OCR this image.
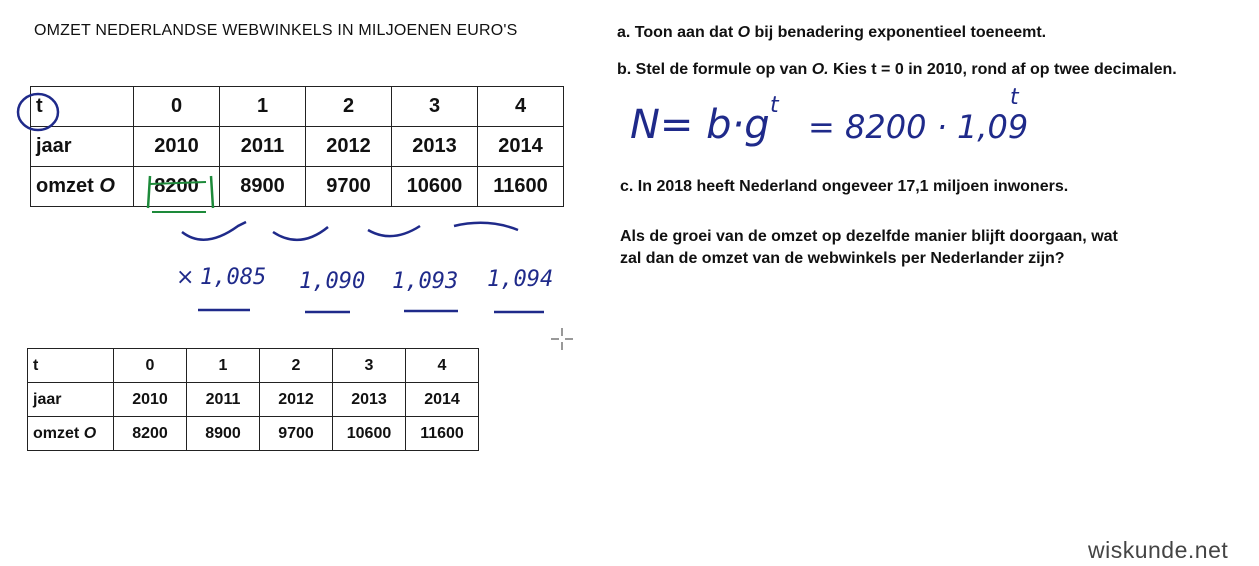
OMZET NEDERLANDSE WEBWINKELS IN MILJOENEN EURO'S
t	0	1	2	3	4
jaar	2010	2011	2012	2013	2014
omzet O	8200	8900	9700	10600	11600
t	0	1	2	3	4
jaar	2010	2011	2012	2013	2014
omzet O	8200	8900	9700	10600	11600
a. Toon aan dat O bij benadering exponentieel toeneemt.
b. Stel de formule op van O. Kies t = 0 in 2010, rond af op twee decimalen.
c. In 2018 heeft Nederland ongeveer 17,1 miljoen inwoners.
Als de groei van de omzet op dezelfde manier blijft doorgaan, wat
zal dan de omzet van de webwinkels per Nederlander zijn?
× 1,085 1,090 1,093 1,094
N= b·g t
= 8200 · 1,09
t
wiskunde.net
